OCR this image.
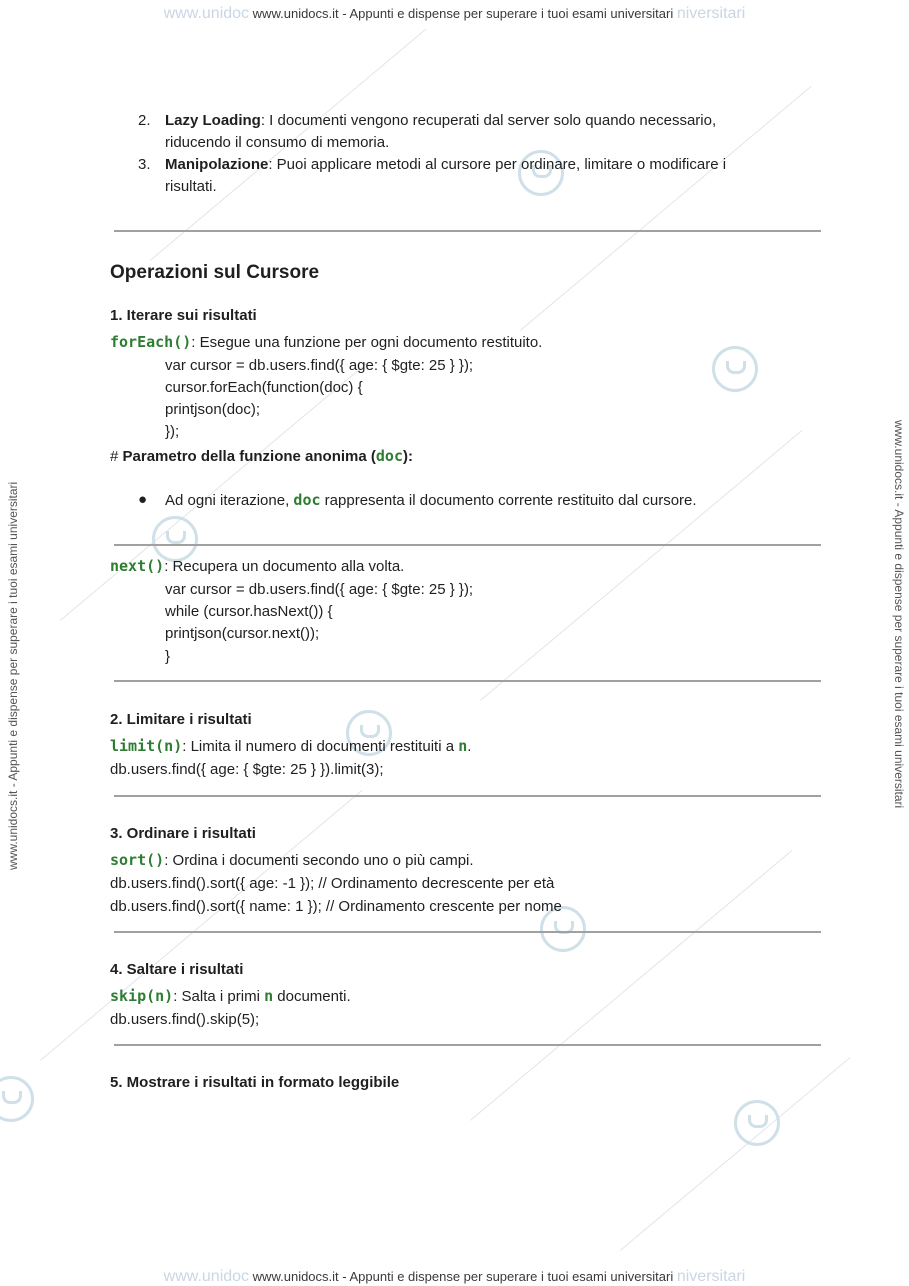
www.unidoc www.unidocs.it - Appunti e dispense per superare i tuoi esami universitari niversitari
www.unidocs.it - Appunti e dispense per superare i tuoi esami universitari	www.unidocs.it - Appunti e dispense per superare i tuoi esami universitari
2. Lazy Loading: I documenti vengono recuperati dal server solo quando necessario,
riducendo il consumo di memoria.
3. Manipolazione: Puoi applicare metodi al cursore per ordinare, limitare o modificare i
risultati.
Operazioni sul Cursore
1. Iterare sui risultati
forEach(): Esegue una funzione per ogni documento restituito.
var cursor = db.users.find({ age: { $gte: 25 } });
cursor.forEach(function(doc) {
printjson(doc);
});
# Parametro della funzione anonima (doc):
● Ad ogni iterazione, doc rappresenta il documento corrente restituito dal cursore.
next(): Recupera un documento alla volta.
var cursor = db.users.find({ age: { $gte: 25 } });
while (cursor.hasNext()) {
printjson(cursor.next());
}
2. Limitare i risultati
limit(n): Limita il numero di documenti restituiti a n.
db.users.find({ age: { $gte: 25 } }).limit(3);
3. Ordinare i risultati
sort(): Ordina i documenti secondo uno o più campi.
db.users.find().sort({ age: -1 }); // Ordinamento decrescente per età
db.users.find().sort({ name: 1 }); // Ordinamento crescente per nome
4. Saltare i risultati
skip(n): Salta i primi n documenti.
db.users.find().skip(5);
5. Mostrare i risultati in formato leggibile
www.unidoc www.unidocs.it - Appunti e dispense per superare i tuoi esami universitari niversitari
